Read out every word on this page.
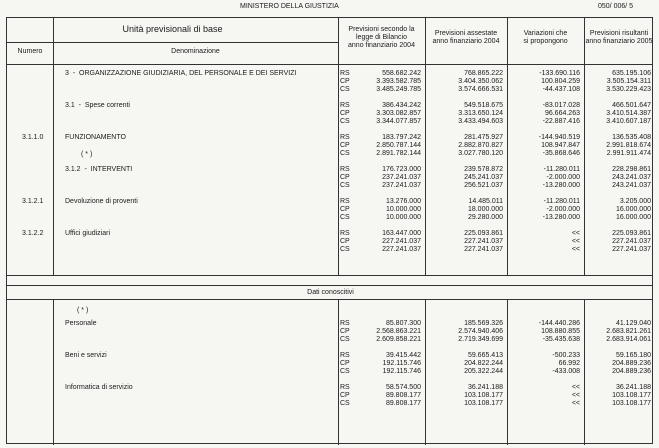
MINISTERO DELLA GIUSTIZIA	050/ 006/ 5
Unità previsionali di base
Numero	Denominazione
Previsioni secondo la
legge di Bilancio
anno finanziario 2004
Previsioni assestate
anno finanziario 2004
Variazioni che
si propongono
Previsioni risultanti
anno finanziario 2005
3  -  ORGANIZZAZIONE GIUDIZIARIA, DEL PERSONALE E DEI SERVIZI	RS	558.682.242	768.865.222	-133.690.116	635.195.106
CP	3.393.582.785	3.404.350.062	100.804.259	3.505.154.311
CS	3.485.249.785	3.574.666.531	-44.437.108	3.530.229.423
3.1  -  Spese correnti	RS	386.434.242	549.518.675	-83.017.028	466.501.647
CP	3.303.082.857	3.313.650.124	96.664.263	3.410.514.387
CS	3.344.077.857	3.433.494.603	-22.887.416	3.410.607.187
3.1.1.0	FUNZIONAMENTO	RS	183.797.242	281.475.927	-144.940.519	136.535.408
CP	2.850.787.144	2.882.870.827	108.947.847	2.991.818.674
CS	2.891.782.144	3.027.780.120	-35.868.646	2.991.911.474
( * )
3.1.2  -  INTERVENTI	RS	176.723.000	239.578.872	-11.280.011	228.298.861
CP	237.241.037	245.241.037	-2.000.000	243.241.037
CS	237.241.037	256.521.037	-13.280.000	243.241.037
3.1.2.1	Devoluzione di proventi	RS	13.276.000	14.485.011	-11.280.011	3.205.000
CP	10.000.000	18.000.000	-2.000.000	16.000.000
CS	10.000.000	29.280.000	-13.280.000	16.000.000
3.1.2.2	Uffici giudiziari	RS	163.447.000	225.093.861	<<	225.093.861
CP	227.241.037	227.241.037	<<	227.241.037
CS	227.241.037	227.241.037	<<	227.241.037
Dati conoscitivi
( * )
Personale	RS	85.807.300	185.569.326	-144.440.286	41.129.040
CP	2.568.863.221	2.574.940.406	108.880.855	2.683.821.261
CS	2.609.858.221	2.719.349.699	-35.435.638	2.683.914.061
Beni e servizi	RS	39.415.442	59.665.413	-500.233	59.165.180
CP	192.115.746	204.822.244	66.992	204.889.236
CS	192.115.746	205.322.244	-433.008	204.889.236
Informatica di servizio	RS	58.574.500	36.241.188	<<	36.241.188
CP	89.808.177	103.108.177	<<	103.108.177
CS	89.808.177	103.108.177	<<	103.108.177
